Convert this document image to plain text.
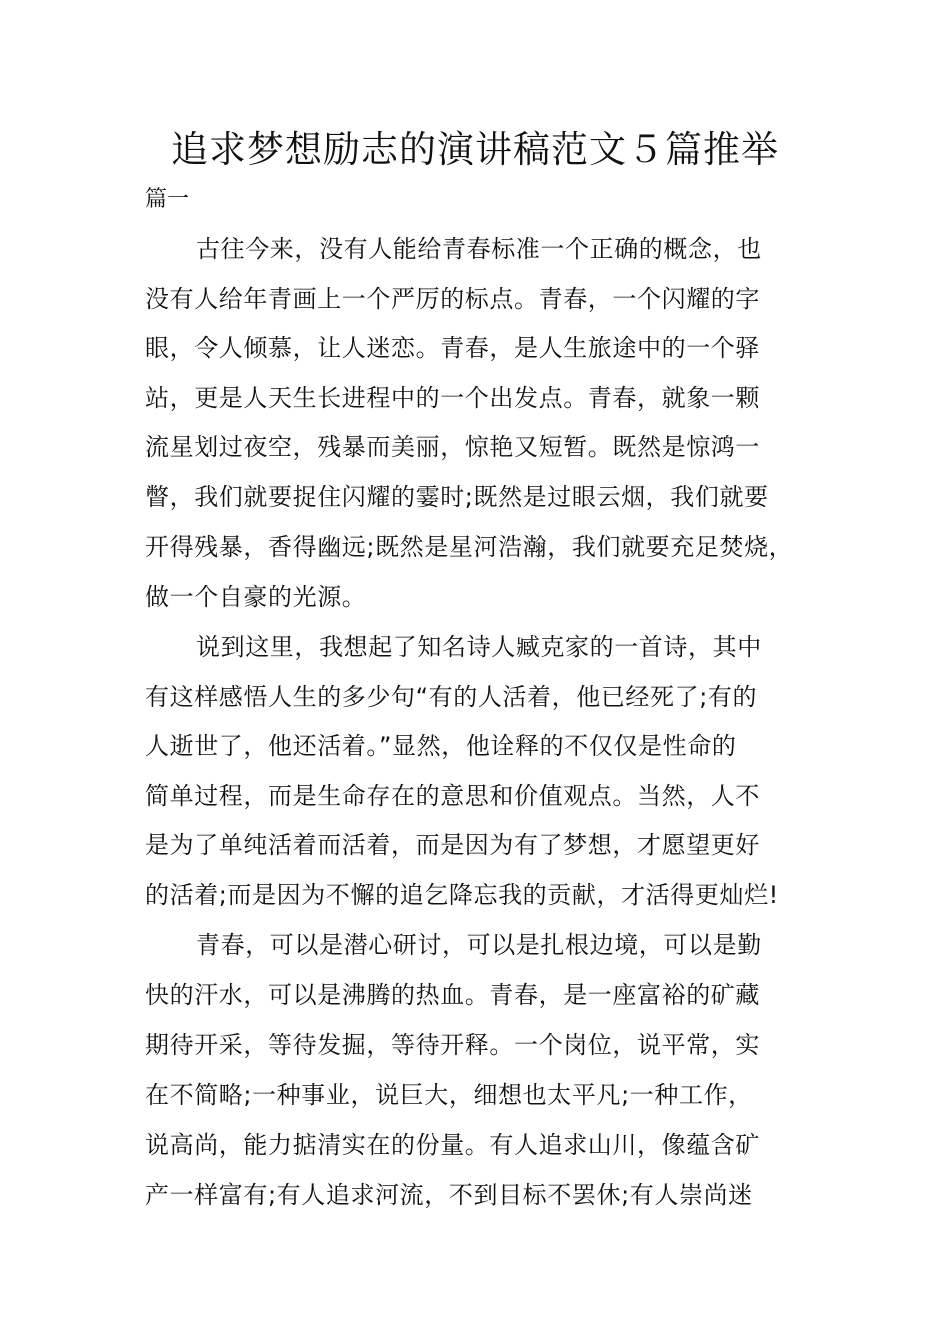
追求梦想励志的演讲稿范文５篇推举
篇一
古往今来，没有人能给青春标准一个正确的概念，也
没有人给年青画上一个严厉的标点。青春，一个闪耀的字
眼，令人倾慕，让人迷恋。青春，是人生旅途中的一个驿
站，更是人天生长进程中的一个出发点。青春，就象一颗
流星划过夜空，残暴而美丽，惊艳又短暂。既然是惊鸿一
瞥，我们就要捉住闪耀的霎时;既然是过眼云烟，我们就要
开得残暴，香得幽远;既然是星河浩瀚，我们就要充足焚烧，
做一个自豪的光源。
说到这里，我想起了知名诗人臧克家的一首诗，其中
有这样感悟人生的多少句“有的人活着，他已经死了;有的
人逝世了，他还活着。”显然，他诠释的不仅仅是性命的
简单过程，而是生命存在的意思和价值观点。当然，人不
是为了单纯活着而活着，而是因为有了梦想，才愿望更好
的活着;而是因为不懈的追乞降忘我的贡献，才活得更灿烂!
青春，可以是潜心研讨，可以是扎根边境，可以是勤
快的汗水，可以是沸腾的热血。青春，是一座富裕的矿藏
期待开采，等待发掘，等待开释。一个岗位，说平常，实
在不简略;一种事业，说巨大，细想也太平凡;一种工作，
说高尚，能力掂清实在的份量。有人追求山川，像蕴含矿
产一样富有;有人追求河流，不到目标不罢休;有人崇尚迷
